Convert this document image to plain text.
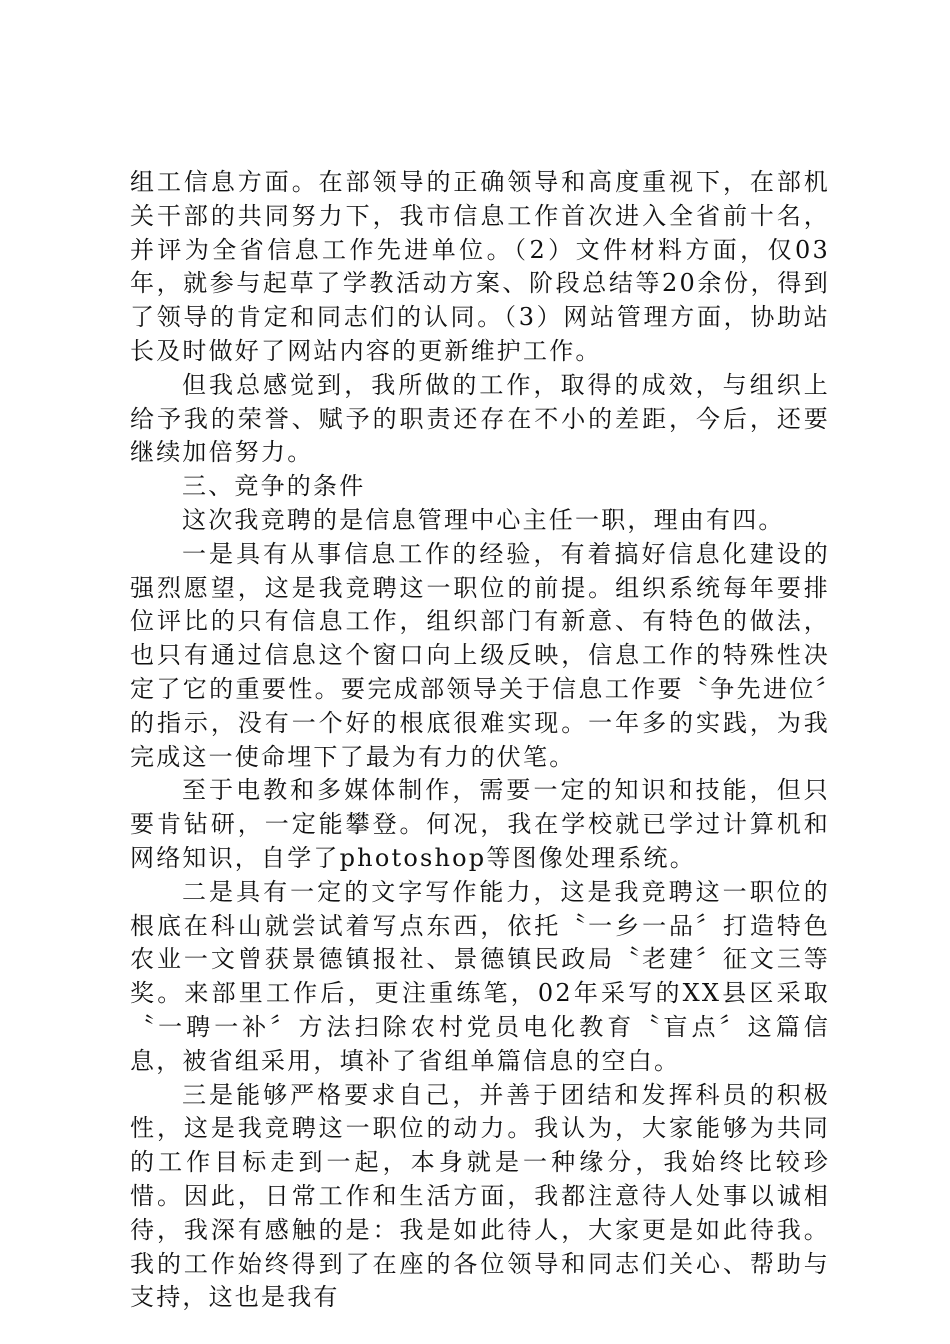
组工信息方面。在部领导的正确领导和高度重视下，在部机关干部的共同努力下，我市信息工作首次进入全省前十名，并评为全省信息工作先进单位。（2）文件材料方面，仅03年，就参与起草了学教活动方案、阶段总结等20余份，得到了领导的肯定和同志们的认同。（3）网站管理方面，协助站长及时做好了网站内容的更新维护工作。

但我总感觉到，我所做的工作，取得的成效，与组织上给予我的荣誉、赋予的职责还存在不小的差距，今后，还要继续加倍努力。

三、竞争的条件

这次我竞聘的是信息管理中心主任一职，理由有四。

一是具有从事信息工作的经验，有着搞好信息化建设的强烈愿望，这是我竞聘这一职位的前提。组织系统每年要排位评比的只有信息工作，组织部门有新意、有特色的做法，也只有通过信息这个窗口向上级反映，信息工作的特殊性决定了它的重要性。要完成部领导关于信息工作要〝争先进位〞的指示，没有一个好的根底很难实现。一年多的实践，为我完成这一使命埋下了最为有力的伏笔。

至于电教和多媒体制作，需要一定的知识和技能，但只要肯钻研，一定能攀登。何况，我在学校就已学过计算机和网络知识，自学了photoshop等图像处理系统。

二是具有一定的文字写作能力，这是我竞聘这一职位的根底在科山就尝试着写点东西，依托〝一乡一品〞打造特色农业一文曾获景德镇报社、景德镇民政局〝老建〞征文三等奖。来部里工作后，更注重练笔，02年采写的XX县区采取〝一聘一补〞方法扫除农村党员电化教育〝盲点〞这篇信息，被省组采用，填补了省组单篇信息的空白。

三是能够严格要求自己，并善于团结和发挥科员的积极性，这是我竞聘这一职位的动力。我认为，大家能够为共同的工作目标走到一起，本身就是一种缘分，我始终比较珍惜。因此，日常工作和生活方面，我都注意待人处事以诚相待，我深有感触的是：我是如此待人，大家更是如此待我。我的工作始终得到了在座的各位领导和同志们关心、帮助与支持，这也是我有
